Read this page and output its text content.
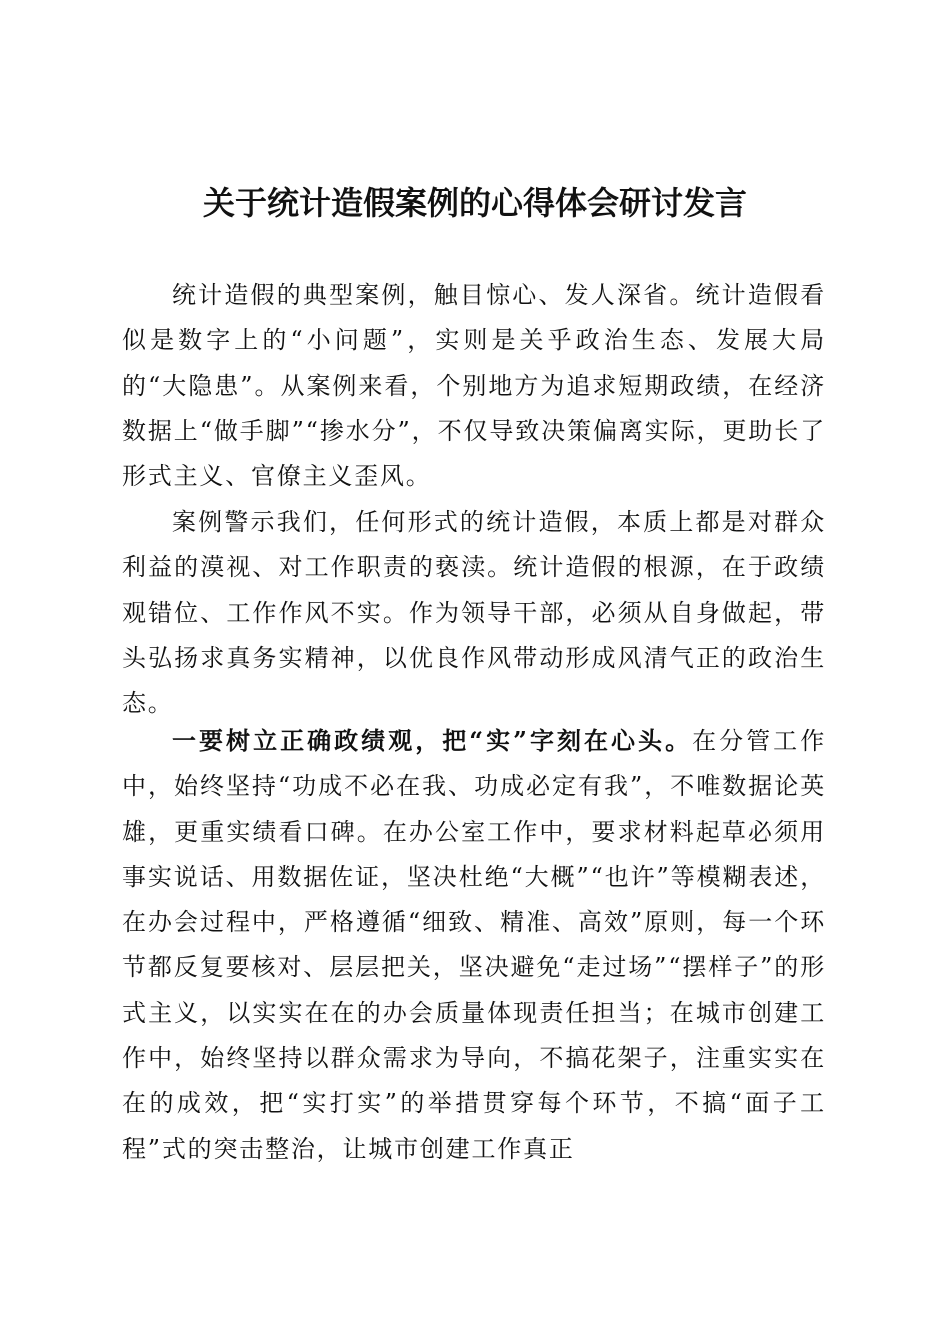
关于统计造假案例的心得体会研讨发言

统计造假的典型案例，触目惊心、发人深省。统计造假看似是数字上的“小问题”，实则是关乎政治生态、发展大局的“大隐患”。从案例来看，个别地方为追求短期政绩，在经济数据上“做手脚”“掺水分”，不仅导致决策偏离实际，更助长了形式主义、官僚主义歪风。

案例警示我们，任何形式的统计造假，本质上都是对群众利益的漠视、对工作职责的亵渎。统计造假的根源，在于政绩观错位、工作作风不实。作为领导干部，必须从自身做起，带头弘扬求真务实精神，以优良作风带动形成风清气正的政治生态。

一要树立正确政绩观，把“实”字刻在心头。在分管工作中，始终坚持“功成不必在我、功成必定有我”，不唯数据论英雄，更重实绩看口碑。在办公室工作中，要求材料起草必须用事实说话、用数据佐证，坚决杜绝“大概”“也许”等模糊表述，在办会过程中，严格遵循“细致、精准、高效”原则，每一个环节都反复要核对、层层把关，坚决避免“走过场”“摆样子”的形式主义，以实实在在的办会质量体现责任担当；在城市创建工作中，始终坚持以群众需求为导向，不搞花架子，注重实实在在的成效，把“实打实”的举措贯穿每个环节，不搞“面子工程”式的突击整治，让城市创建工作真正
